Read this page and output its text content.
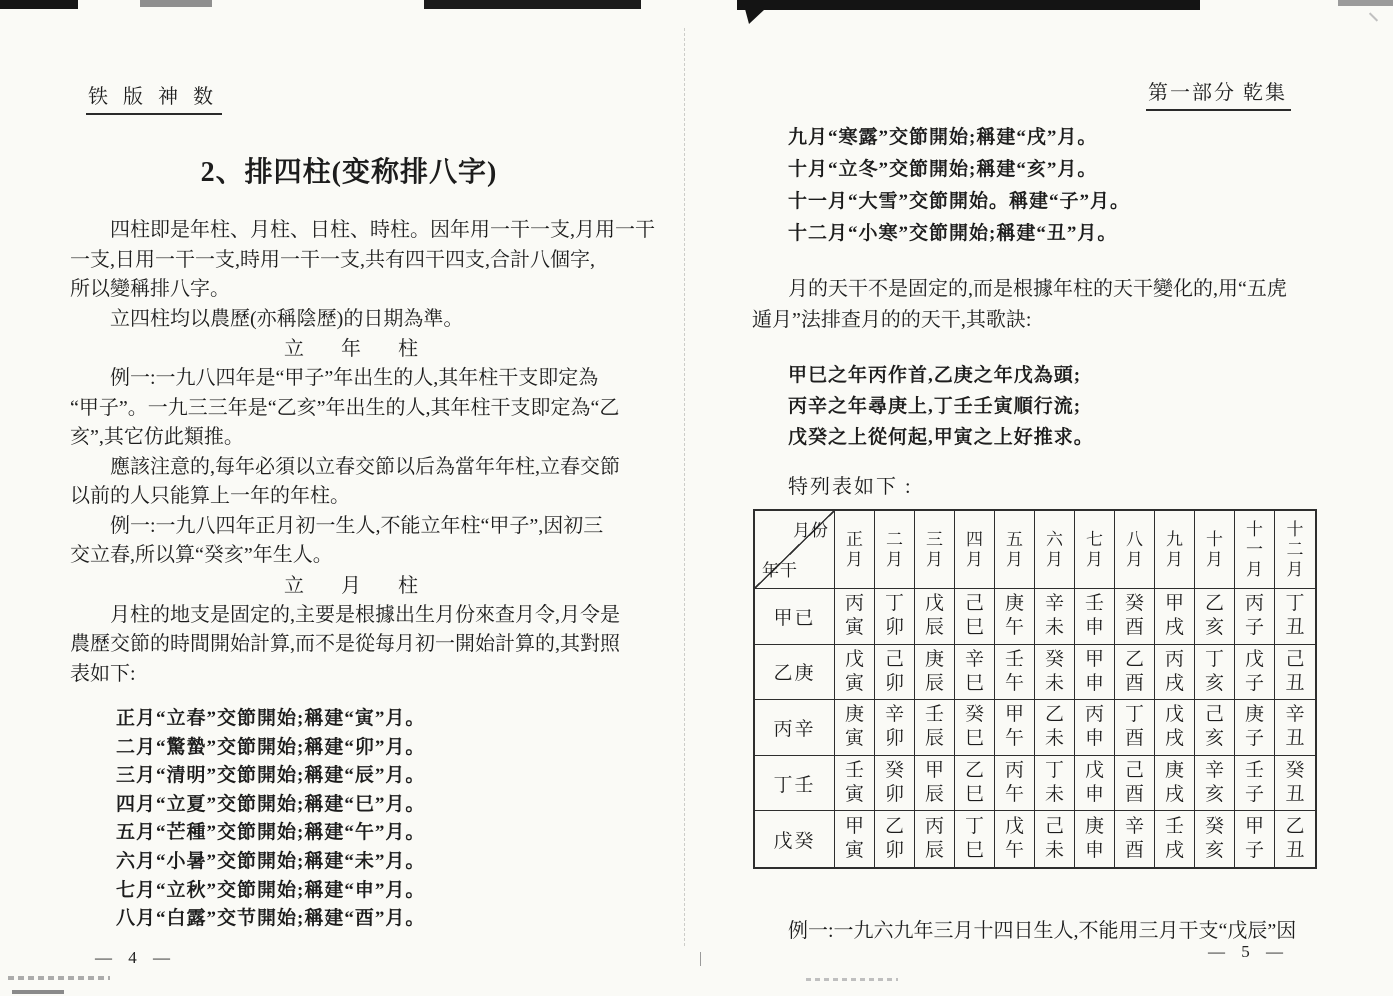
铁 版 神 数
2、排四柱(变称排八字)
四柱即是年柱、月柱、日柱、時柱。因年用一干一支,月用一干
一支,日用一干一支,時用一干一支,共有四干四支,合計八個字,
所以變稱排八字。
立四柱均以農歷(亦稱陰歷)的日期為準。
立 年 柱
例一:一九八四年是“甲子”年出生的人,其年柱干支即定為
“甲子”。一九三三年是“乙亥”年出生的人,其年柱干支即定為“乙
亥”,其它仿此類推。
應該注意的,每年必須以立春交節以后為當年年柱,立春交節
以前的人只能算上一年的年柱。
例一:一九八四年正月初一生人,不能立年柱“甲子”,因初三
交立春,所以算“癸亥”年生人。
立 月 柱
月柱的地支是固定的,主要是根據出生月份來查月令,月令是
農歷交節的時間開始計算,而不是從每月初一開始計算的,其對照
表如下:
正月“立春”交節開始;稱建“寅”月。
二月“驚蟄”交節開始;稱建“卯”月。
三月“清明”交節開始;稱建“辰”月。
四月“立夏”交節開始;稱建“巳”月。
五月“芒種”交節開始;稱建“午”月。
六月“小暑”交節開始;稱建“未”月。
七月“立秋”交節開始;稱建“申”月。
八月“白露”交节開始;稱建“酉”月。
— 4 —
第一部分 乾集
九月“寒露”交節開始;稱建“戌”月。
十月“立冬”交節開始;稱建“亥”月。
十一月“大雪”交節開始。稱建“子”月。
十二月“小寒”交節開始;稱建“丑”月。
月的天干不是固定的,而是根據年柱的天干變化的,用“五虎
遁月”法排查月的的天干,其歌訣:
甲巳之年丙作首,乙庚之年戊為頭;
丙辛之年尋庚上,丁壬壬寅順行流;
戊癸之上從何起,甲寅之上好推求。
特列表如下 :
月份
年干
正
月
二
月
三
月
四
月
五
月
六
月
七
月
八
月
九
月
十
月
十
一
月
十
二
月
甲已
丙
寅
丁
卯
戊
辰
己
巳
庚
午
辛
未
壬
申
癸
酉
甲
戌
乙
亥
丙
子
丁
丑
乙庚
戊
寅
己
卯
庚
辰
辛
巳
壬
午
癸
未
甲
申
乙
酉
丙
戌
丁
亥
戊
子
己
丑
丙辛
庚
寅
辛
卯
壬
辰
癸
巳
甲
午
乙
未
丙
申
丁
酉
戊
戌
己
亥
庚
子
辛
丑
丁壬
壬
寅
癸
卯
甲
辰
乙
巳
丙
午
丁
未
戊
申
己
酉
庚
戌
辛
亥
壬
子
癸
丑
戊癸
甲
寅
乙
卯
丙
辰
丁
巳
戊
午
己
未
庚
申
辛
酉
壬
戌
癸
亥
甲
子
乙
丑
例一:一九六九年三月十四日生人,不能用三月干支“戊辰”因
— 5 —
